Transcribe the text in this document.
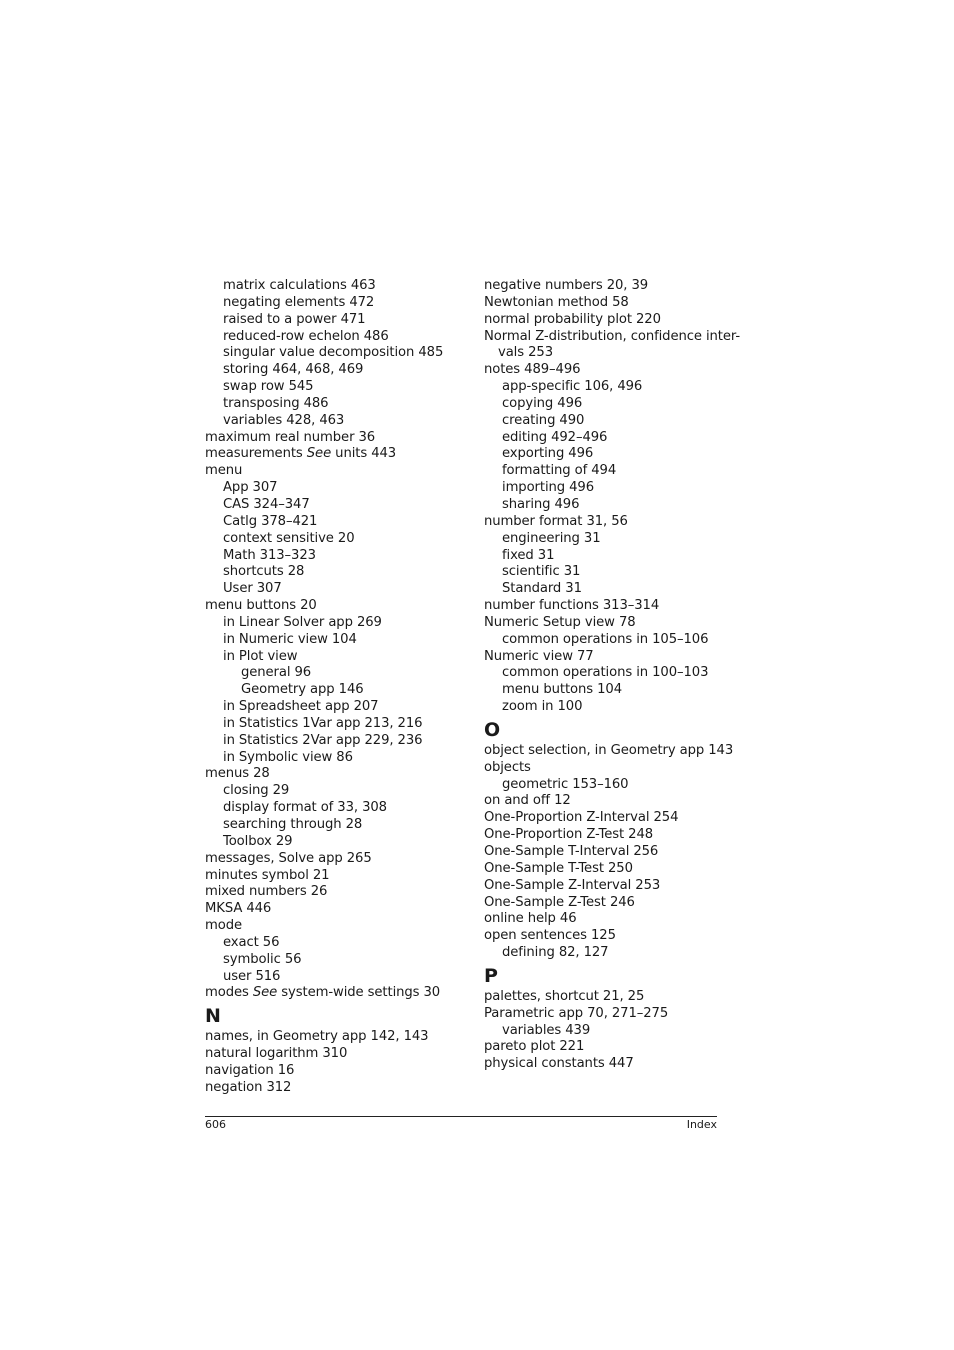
matrix calculations 463
negating elements 472
raised to a power 471
reduced-row echelon 486
singular value decomposition 485
storing 464, 468, 469
swap row 545
transposing 486
variables 428, 463
maximum real number 36
measurements See units 443
menu
App 307
CAS 324–347
Catlg 378–421
context sensitive 20
Math 313–323
shortcuts 28
User 307
menu buttons 20
in Linear Solver app 269
in Numeric view 104
in Plot view
general 96
Geometry app 146
in Spreadsheet app 207
in Statistics 1Var app 213, 216
in Statistics 2Var app 229, 236
in Symbolic view 86
menus 28
closing 29
display format of 33, 308
searching through 28
Toolbox 29
messages, Solve app 265
minutes symbol 21
mixed numbers 26
MKSA 446
mode
exact 56
symbolic 56
user 516
modes See system-wide settings 30
N
names, in Geometry app 142, 143
natural logarithm 310
navigation 16
negation 312
negative numbers 20, 39
Newtonian method 58
normal probability plot 220
Normal Z-distribution, confidence inter-
vals 253
notes 489–496
app-specific 106, 496
copying 496
creating 490
editing 492–496
exporting 496
formatting of 494
importing 496
sharing 496
number format 31, 56
engineering 31
fixed 31
scientific 31
Standard 31
number functions 313–314
Numeric Setup view 78
common operations in 105–106
Numeric view 77
common operations in 100–103
menu buttons 104
zoom in 100
O
object selection, in Geometry app 143
objects
geometric 153–160
on and off 12
One-Proportion Z-Interval 254
One-Proportion Z-Test 248
One-Sample T-Interval 256
One-Sample T-Test 250
One-Sample Z-Interval 253
One-Sample Z-Test 246
online help 46
open sentences 125
defining 82, 127
P
palettes, shortcut 21, 25
Parametric app 70, 271–275
variables 439
pareto plot 221
physical constants 447
606	Index
